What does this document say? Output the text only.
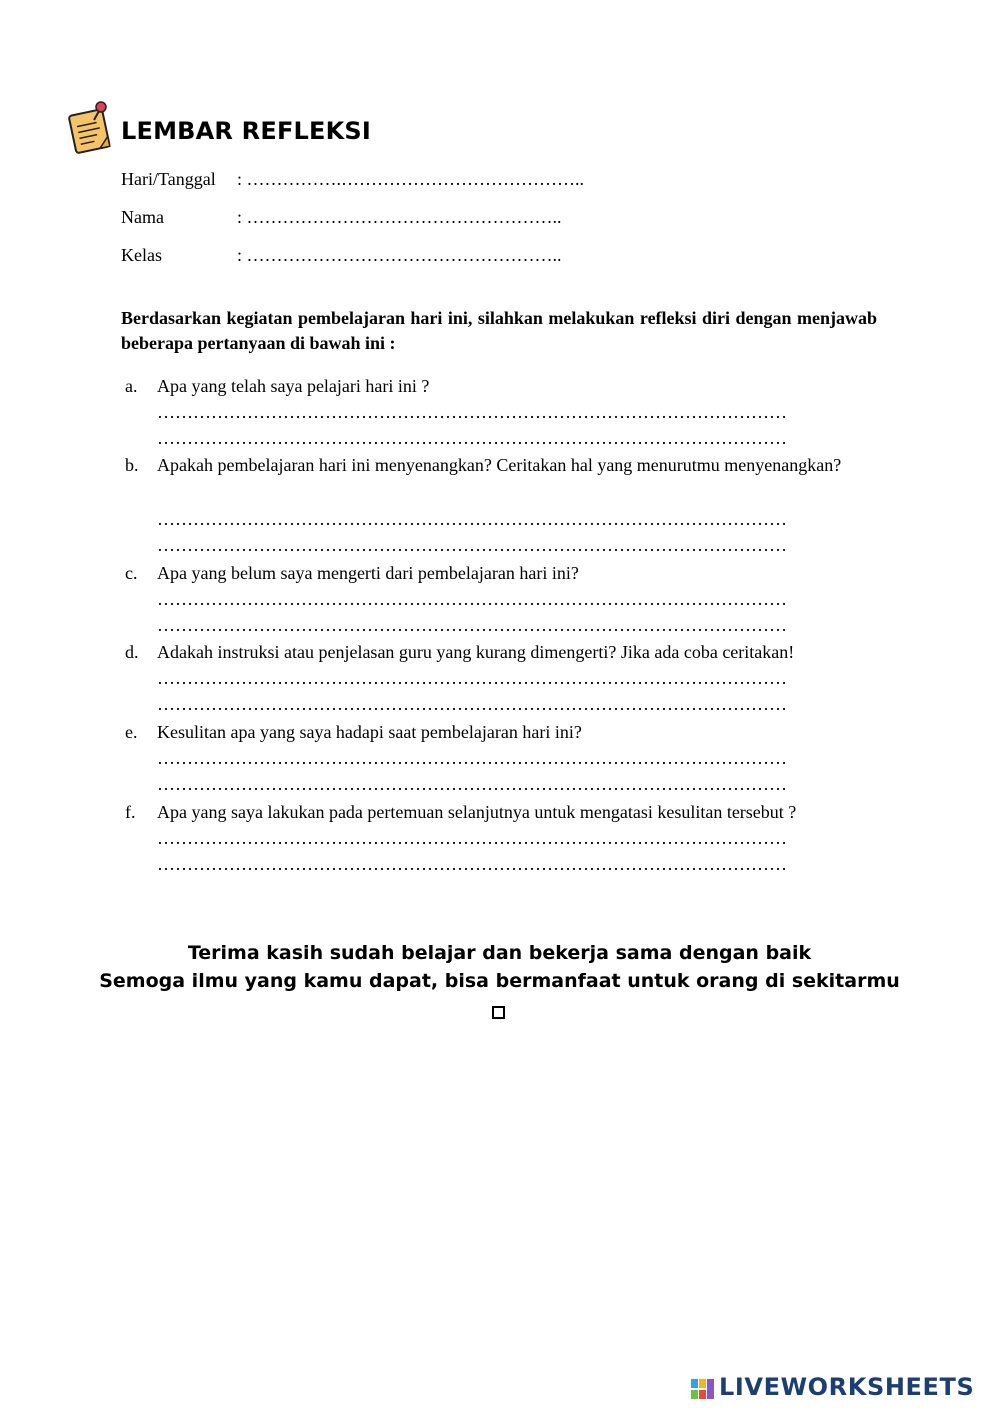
LEMBAR REFLEKSI
Hari/Tanggal : …………….…………………………………..
Nama	: ……………………………………………..
Kelas	: ……………………………………………..
Berdasarkan kegiatan pembelajaran hari ini, silahkan melakukan refleksi diri dengan menjawab beberapa pertanyaan di bawah ini :
a. Apa yang telah saya pelajari hari ini ?
……………………………………………………………………………………………
……………………………………………………………………………………………
b. Apakah pembelajaran hari ini menyenangkan? Ceritakan hal yang menurutmu menyenangkan?
……………………………………………………………………………………………
……………………………………………………………………………………………
c. Apa yang belum saya mengerti dari pembelajaran hari ini?
……………………………………………………………………………………………
……………………………………………………………………………………………
d. Adakah instruksi atau penjelasan guru yang kurang dimengerti? Jika ada coba ceritakan!
……………………………………………………………………………………………
……………………………………………………………………………………………
e. Kesulitan apa yang saya hadapi saat pembelajaran hari ini?
……………………………………………………………………………………………
……………………………………………………………………………………………
f. Apa yang saya lakukan pada pertemuan selanjutnya untuk mengatasi kesulitan tersebut ?
……………………………………………………………………………………………
……………………………………………………………………………………………
Terima kasih sudah belajar dan bekerja sama dengan baik
Semoga ilmu yang kamu dapat, bisa bermanfaat untuk orang di sekitarmu
LIVEWORKSHEETS
